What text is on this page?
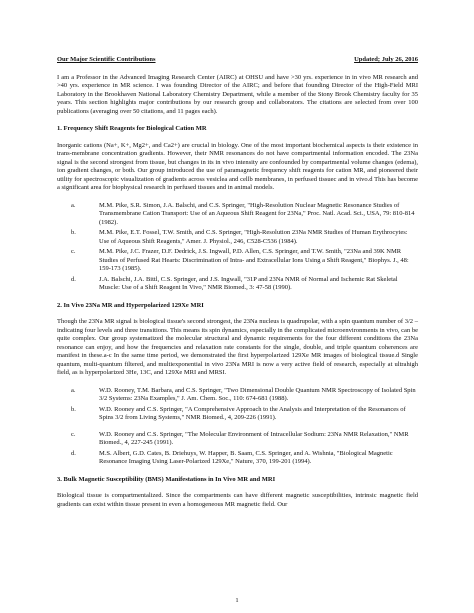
Our Major Scientific Contributions	Updated; July 26, 2016

I am a Professor in the Advanced Imaging Research Center (AIRC) at OHSU and have >30 yrs. experience in in vivo MR research and >40 yrs. experience in MR science. I was founding Director of the AIRC; and before that founding Director of the High-Field MRI Laboratory in the Brookhaven National Laboratory Chemistry Department, while a member of the Stony Brook Chemistry faculty for 35 years. This section highlights major contributions by our research group and collaborators. The citations are selected from over 100 publications (averaging over 50 citations, and 11 pages each).

1. Frequency Shift Reagents for Biological Cation MR

Inorganic cations (Na+, K+, Mg2+, and Ca2+) are crucial in biology. One of the most important biochemical aspects is their existence in trans-membrane concentration gradients. However, their NMR resonances do not have compartmental information encoded. The 23Na signal is the second strongest from tissue, but changes in its in vivo intensity are confounded by compartmental volume changes (edema), ion gradient changes, or both. Our group introduced the use of paramagnetic frequency shift reagents for cation MR, and pioneered their utility for spectroscopic visualization of gradients across vesiclea and cellb membranes, in perfused tissuec and in vivo.d This has become a significant area for biophysical research in perfused tissues and in animal models.

a.	M.M. Pike, S.R. Simon, J.A. Balschi, and C.S. Springer, "High-Resolution Nuclear Magnetic Resonance Studies of Transmembrane Cation Transport: Use of an Aqueous Shift Reagent for 23Na," Proc. Natl. Acad. Sci., USA, 79: 810-814 (1982).
b.	M.M. Pike, E.T. Fossel, T.W. Smith, and C.S. Springer, "High-Resolution 23Na NMR Studies of Human Erythrocytes: Use of Aqueous Shift Reagents," Amer. J. Physiol., 246, C528-C536 (1984).
c.	M.M. Pike, J.C. Frazer, D.F. Dedrick, J.S. Ingwall, P.D. Allen, C.S. Springer, and T.W. Smith, "23Na and 39K NMR Studies of Perfused Rat Hearts: Discrimination of Intra- and Extracellular Ions Using a Shift Reagent," Biophys. J., 48: 159-173 (1985).
d.	J.A. Balschi, J.A. Bittl, C.S. Springer, and J.S. Ingwall, "31P and 23Na NMR of Normal and Ischemic Rat Skeletal Muscle: Use of a Shift Reagent In Vivo," NMR Biomed., 3: 47-58 (1990).
2. In Vivo 23Na MR and Hyperpolarized 129Xe MRI

Though the 23Na MR signal is biological tissue's second strongest, the 23Na nucleus is quadrupolar, with a spin quantum number of 3/2 – indicating four levels and three transitions. This means its spin dynamics, especially in the complicated microenvironments in vivo, can be quite complex. Our group systematized the molecular structural and dynamic requirements for the four different conditions the 23Na resonance can enjoy, and how the frequencies and relaxation rate constants for the single, double, and triple quantum coherences are manifest in these.a-c In the same time period, we demonstrated the first hyperpolarized 129Xe MR images of biological tissue.d Single quantum, multi-quantum filtered, and multiexponential in vivo 23Na MRI is now a very active field of research, especially at ultrahigh field, as is hyperpolarized 3He, 13C, and 129Xe MRI and MRSI.

a.	W.D. Rooney, T.M. Barbara, and C.S. Springer, "Two Dimensional Double Quantum NMR Spectroscopy of Isolated Spin 3/2 Systems: 23Na Examples," J. Am. Chem. Soc., 110: 674-681 (1988).
b.	W.D. Rooney and C.S. Springer, "A Comprehensive Approach to the Analysis and Interpretation of the Resonances of Spins 3/2 from Living Systems," NMR Biomed., 4, 209-226 (1991).
c.	W.D. Rooney and C.S. Springer, "The Molecular Environment of Intracellular Sodium: 23Na NMR Relaxation," NMR Biomed., 4, 227-245 (1991).
d.	M.S. Albert, G.D. Cates, B. Driehuys, W. Happer, B. Saam, C.S. Springer, and A. Wishnia, "Biological Magnetic Resonance Imaging Using Laser-Polarized 129Xe," Nature, 370, 199-201 (1994).
3. Bulk Magnetic Susceptibility (BMS) Manifestations in In Vivo MR and MRI

Biological tissue is compartmentalized. Since the compartments can have different magnetic susceptibilities, intrinsic magnetic field gradients can exist within tissue present in even a homogeneous MR magnetic field. Our

1
